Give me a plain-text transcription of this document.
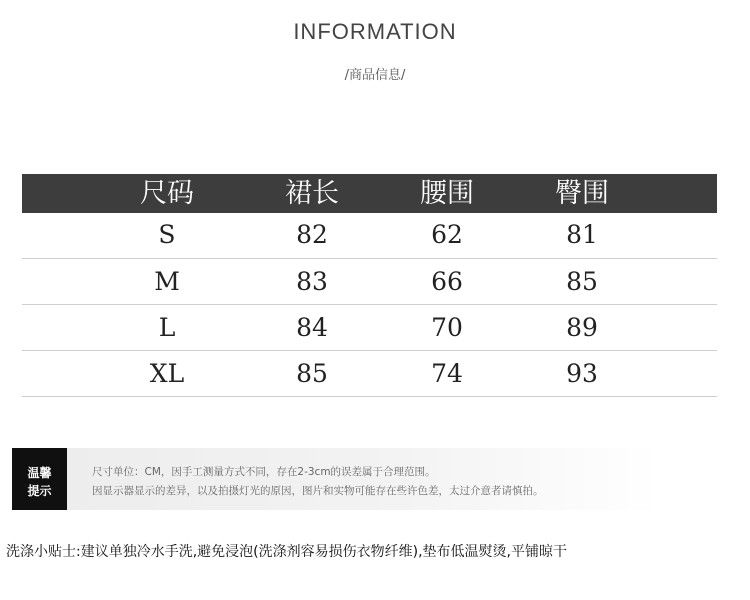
INFORMATION
/商品信息/
尺码	裙长	腰围	臀围
S	82	62	81
M	83	66	85
L	84	70	89
XL	85	74	93
温馨
提示
尺寸单位：CM，因手工测量方式不同，存在2-3cm的误差属于合理范围。
因显示器显示的差异，以及拍摄灯光的原因，图片和实物可能存在些许色差，太过介意者请慎拍。
洗涤小贴士:建议单独冷水手洗,避免浸泡(洗涤剂容易损伤衣物纤维),垫布低温熨烫,平铺晾干
